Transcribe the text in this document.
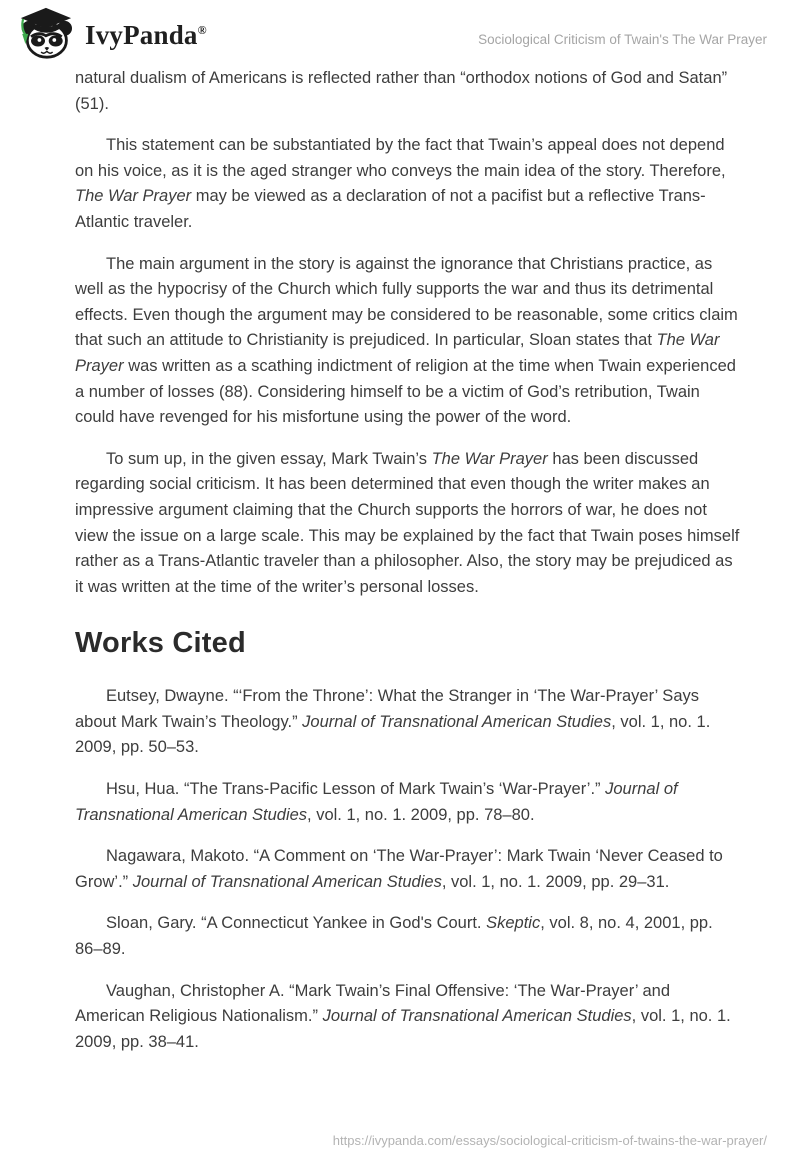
IvyPanda®
Sociological Criticism of Twain's The War Prayer

natural dualism of Americans is reflected rather than “orthodox notions of God and Satan” (51).

This statement can be substantiated by the fact that Twain’s appeal does not depend on his voice, as it is the aged stranger who conveys the main idea of the story. Therefore, The War Prayer may be viewed as a declaration of not a pacifist but a reflective Trans-Atlantic traveler.

The main argument in the story is against the ignorance that Christians practice, as well as the hypocrisy of the Church which fully supports the war and thus its detrimental effects. Even though the argument may be considered to be reasonable, some critics claim that such an attitude to Christianity is prejudiced. In particular, Sloan states that The War Prayer was written as a scathing indictment of religion at the time when Twain experienced a number of losses (88). Considering himself to be a victim of God’s retribution, Twain could have revenged for his misfortune using the power of the word.

To sum up, in the given essay, Mark Twain’s The War Prayer has been discussed regarding social criticism. It has been determined that even though the writer makes an impressive argument claiming that the Church supports the horrors of war, he does not view the issue on a large scale. This may be explained by the fact that Twain poses himself rather as a Trans-Atlantic traveler than a philosopher. Also, the story may be prejudiced as it was written at the time of the writer’s personal losses.

Works Cited

Eutsey, Dwayne. “‘From the Throne’: What the Stranger in ‘The War-Prayer’ Says about Mark Twain’s Theology.” Journal of Transnational American Studies, vol. 1, no. 1. 2009, pp. 50–53.

Hsu, Hua. “The Trans-Pacific Lesson of Mark Twain’s ‘War-Prayer’.” Journal of Transnational American Studies, vol. 1, no. 1. 2009, pp. 78–80.

Nagawara, Makoto. “A Comment on ‘The War-Prayer’: Mark Twain ‘Never Ceased to Grow’.” Journal of Transnational American Studies, vol. 1, no. 1. 2009, pp. 29–31.

Sloan, Gary. “A Connecticut Yankee in God's Court. Skeptic, vol. 8, no. 4, 2001, pp. 86–89.

Vaughan, Christopher A. “Mark Twain’s Final Offensive: ‘The War-Prayer’ and American Religious Nationalism.” Journal of Transnational American Studies, vol. 1, no. 1. 2009, pp. 38–41.

https://ivypanda.com/essays/sociological-criticism-of-twains-the-war-prayer/
